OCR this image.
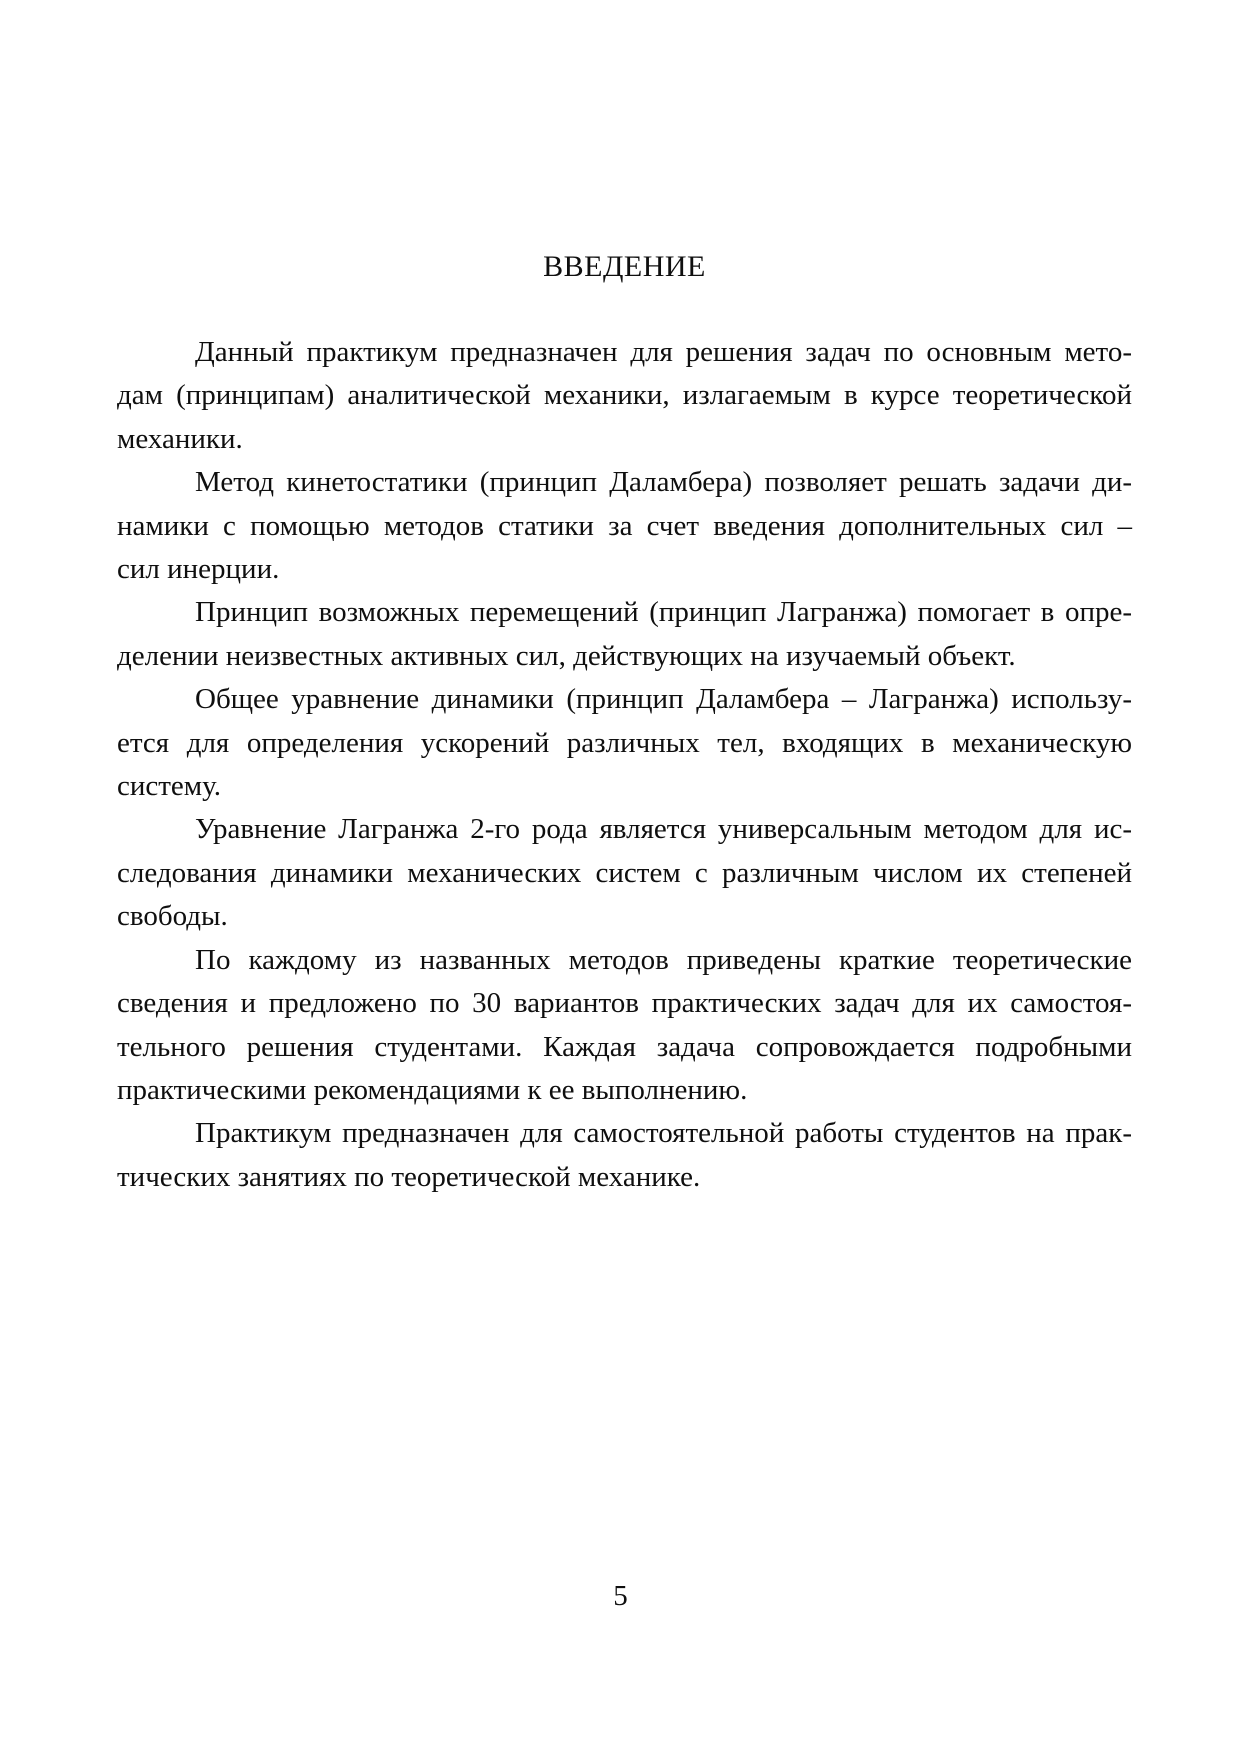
ВВЕДЕНИЕ
Данный практикум предназначен для решения задач по основным мето-
дам (принципам) аналитической механики, излагаемым в курсе теоретической
механики.
Метод кинетостатики (принцип Даламбера) позволяет решать задачи ди-
намики с помощью методов статики за счет введения дополнительных сил –
сил инерции.
Принцип возможных перемещений (принцип Лагранжа) помогает в опре-
делении неизвестных активных сил, действующих на изучаемый объект.
Общее уравнение динамики (принцип Даламбера – Лагранжа) использу-
ется для определения ускорений различных тел, входящих в механическую
систему.
Уравнение Лагранжа 2-го рода является универсальным методом для ис-
следования динамики механических систем с различным числом их степеней
свободы.
По каждому из названных методов приведены краткие теоретические
сведения и предложено по 30 вариантов практических задач для их самостоя-
тельного решения студентами. Каждая задача сопровождается подробными
практическими рекомендациями к ее выполнению.
Практикум предназначен для самостоятельной работы студентов на прак-
тических занятиях по теоретической механике.
5
